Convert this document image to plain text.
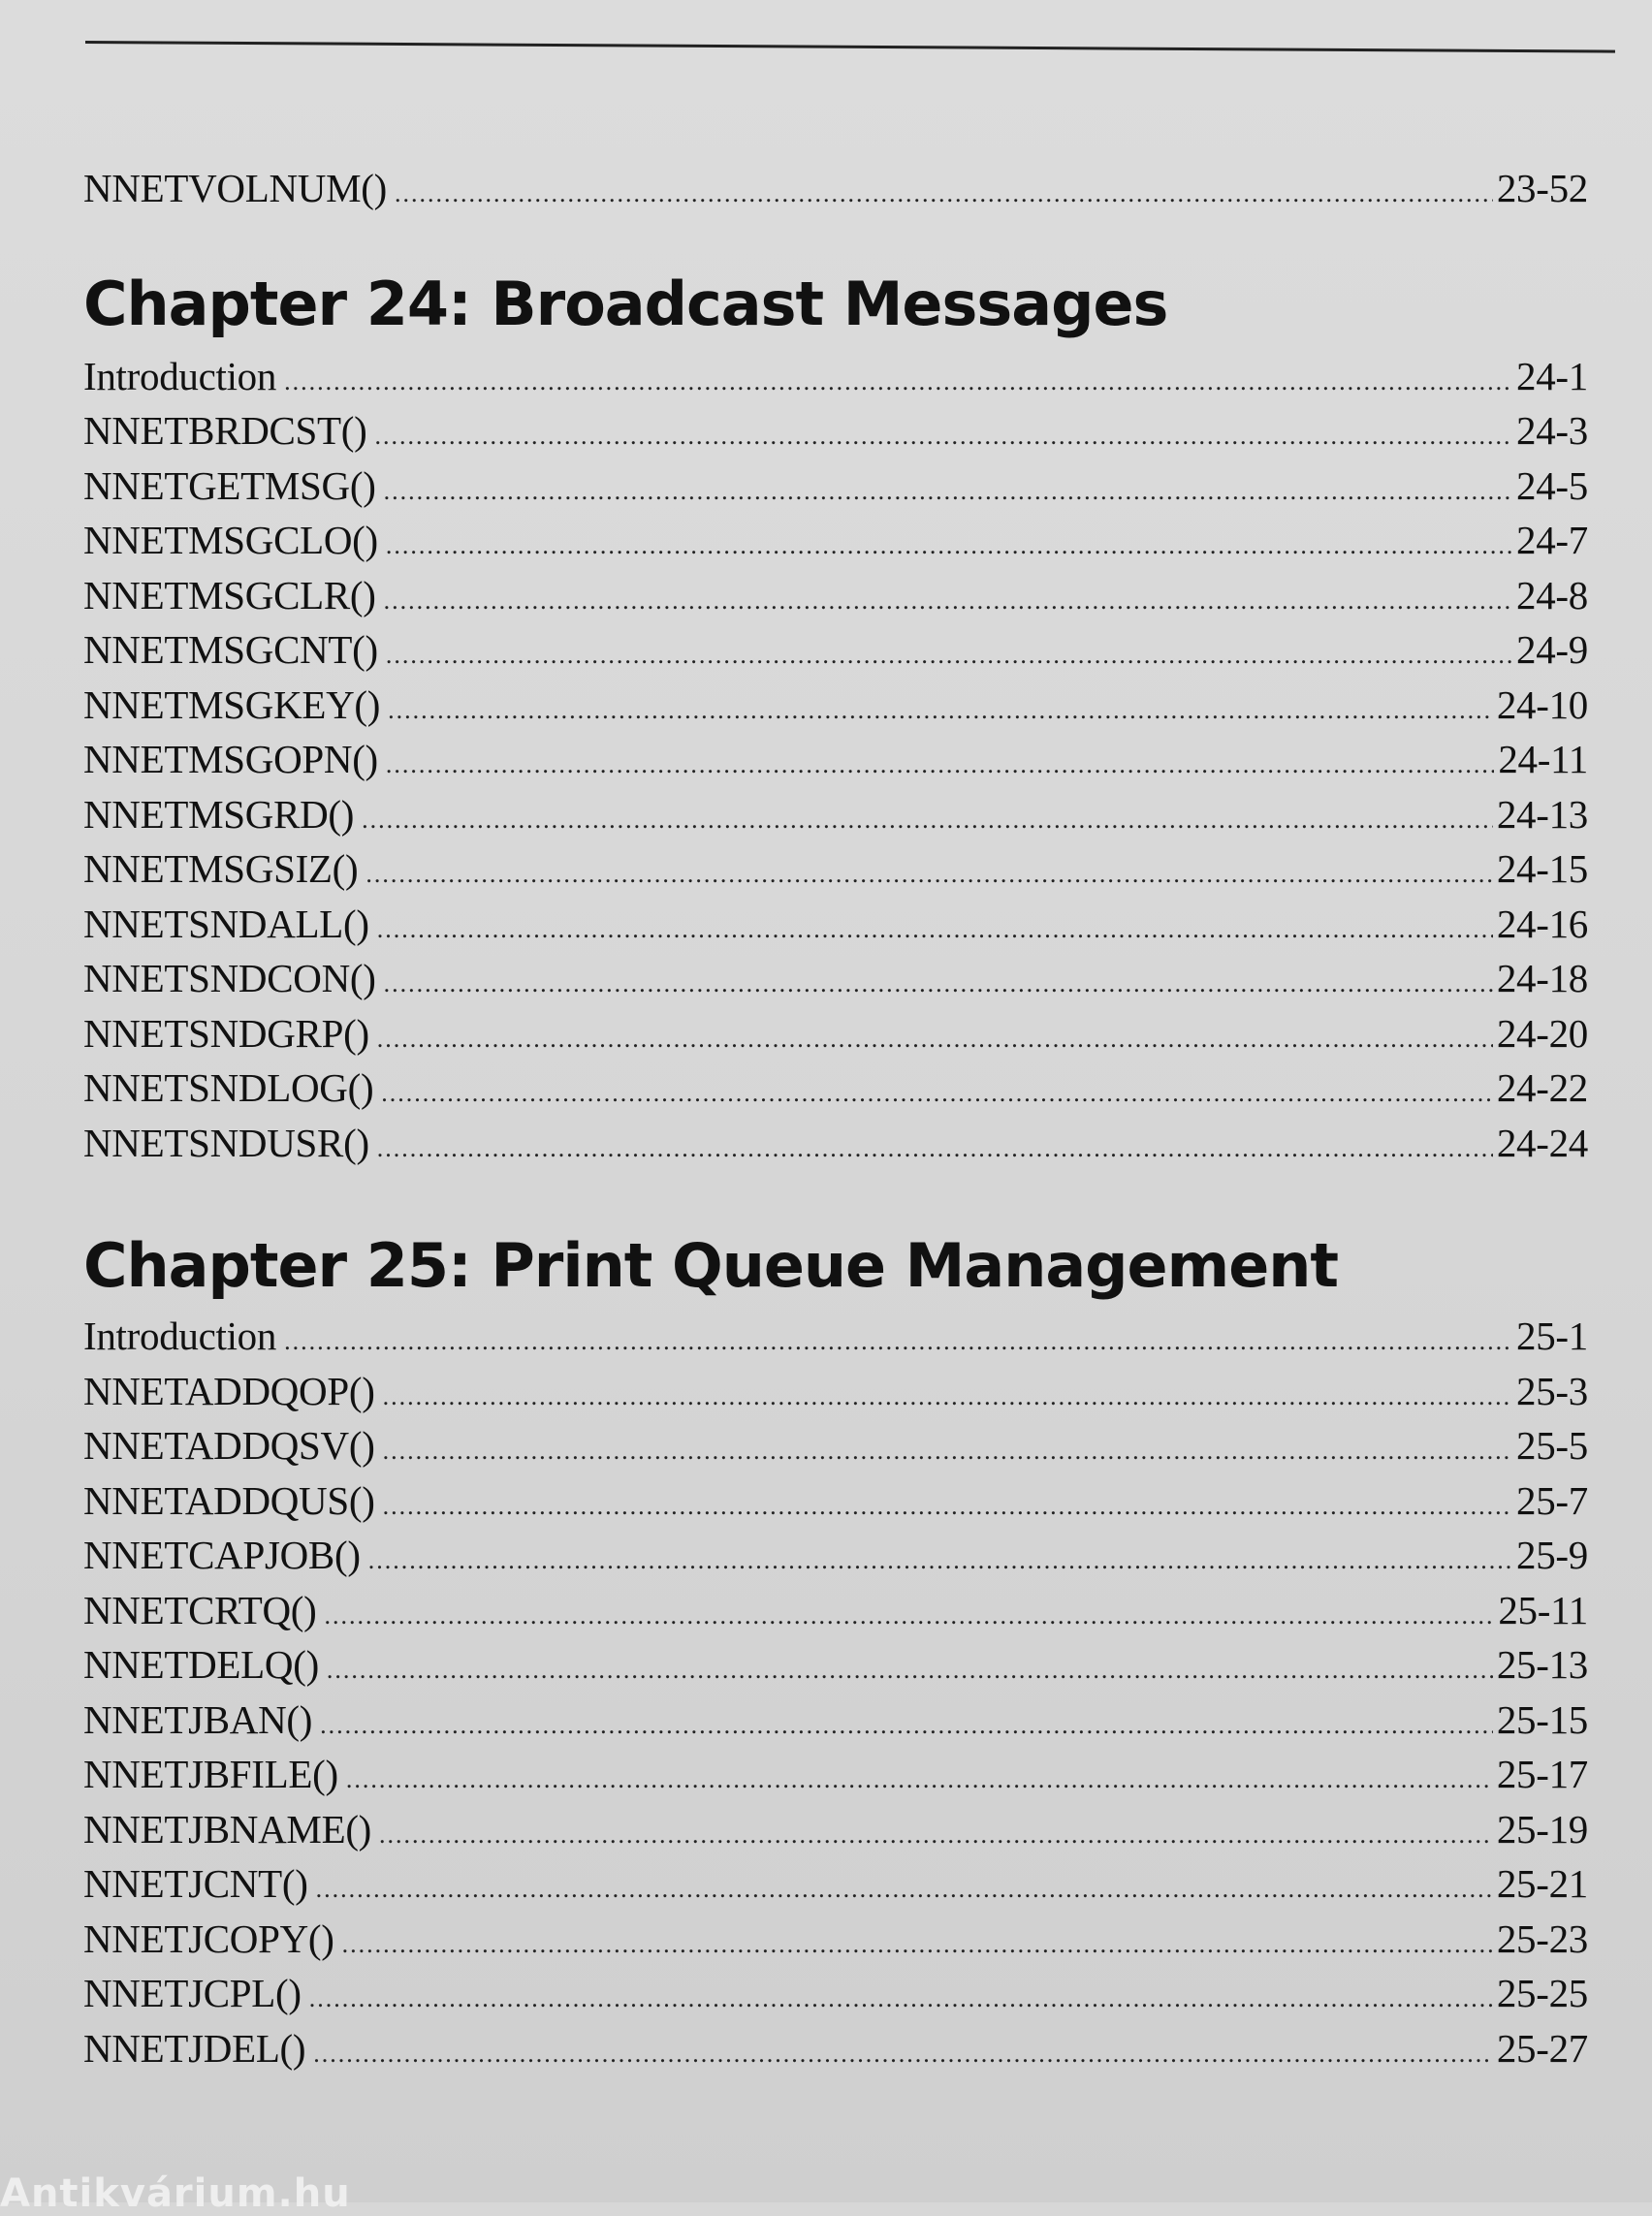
NNETVOLNUM() .....	23-52
Chapter 24: Broadcast Messages
Introduction .....	24-1
NNETBRDCST() .....	24-3
NNETGETMSG() .....	24-5
NNETMSGCLO() .....	24-7
NNETMSGCLR() .....	24-8
NNETMSGCNT() .....	24-9
NNETMSGKEY() .....	24-10
NNETMSGOPN() .....	24-11
NNETMSGRD() .....	24-13
NNETMSGSIZ() .....	24-15
NNETSNDALL() .....	24-16
NNETSNDCON() .....	24-18
NNETSNDGRP() .....	24-20
NNETSNDLOG() .....	24-22
NNETSNDUSR() .....	24-24
Chapter 25: Print Queue Management
Introduction .....	25-1
NNETADDQOP() .....	25-3
NNETADDQSV() .....	25-5
NNETADDQUS() .....	25-7
NNETCAPJOB() .....	25-9
NNETCRTQ() .....	25-11
NNETDELQ() .....	25-13
NNETJBAN() .....	25-15
NNETJBFILE() .....	25-17
NNETJBNAME() .....	25-19
NNETJCNT() .....	25-21
NNETJCOPY() .....	25-23
NNETJCPL() .....	25-25
NNETJDEL() .....	25-27
Antikvárium.hu
